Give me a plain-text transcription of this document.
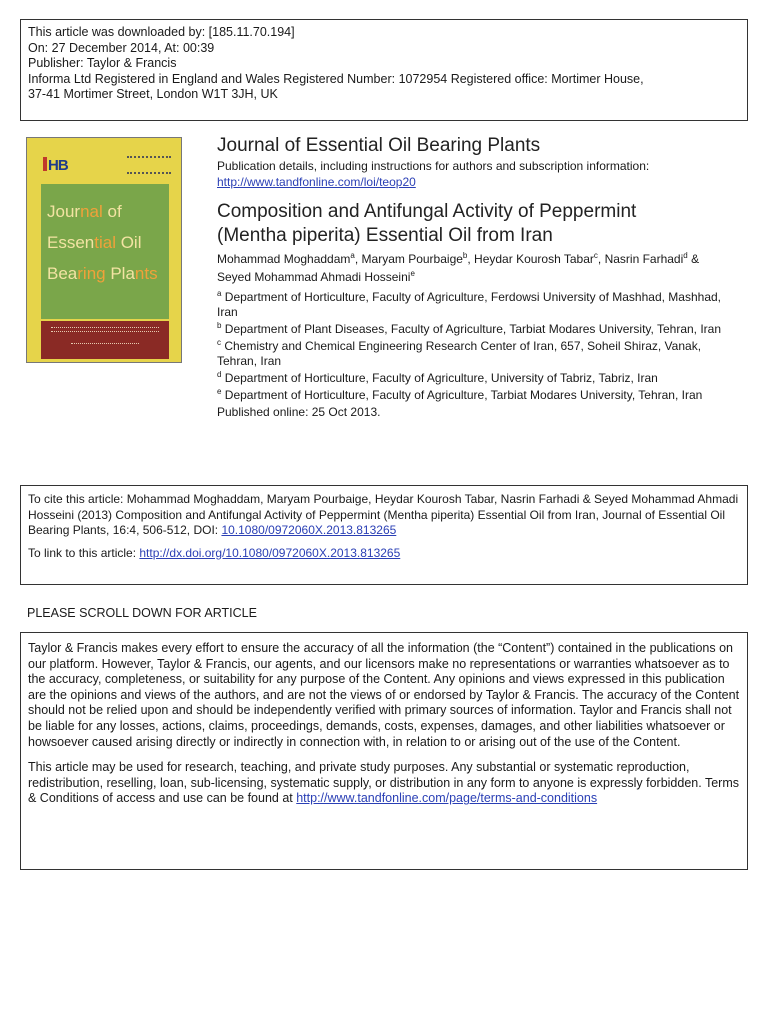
This article was downloaded by: [185.11.70.194]
On: 27 December 2014, At: 00:39
Publisher: Taylor & Francis
Informa Ltd Registered in England and Wales Registered Number: 1072954 Registered office: Mortimer House,
37-41 Mortimer Street, London W1T 3JH, UK
HB
Journal of
Essential Oil
Bearing Plants
Journal of Essential Oil Bearing Plants
Publication details, including instructions for authors and subscription information:
http://www.tandfonline.com/loi/teop20
Composition and Antifungal Activity of Peppermint
(Mentha piperita) Essential Oil from Iran
Mohammad Moghaddam$^a$, Maryam Pourbaige$^b$, Heydar Kourosh Tabar$^c$, Nasrin Farhadi$^d$ &
Seyed Mohammad Ahmadi Hosseini$^e$
$^a$ Department of Horticulture, Faculty of Agriculture, Ferdowsi University of Mashhad, Mashhad, Iran
$^b$ Department of Plant Diseases, Faculty of Agriculture, Tarbiat Modares University, Tehran, Iran
$^c$ Chemistry and Chemical Engineering Research Center of Iran, 657, Soheil Shiraz, Vanak, Tehran, Iran
$^d$ Department of Horticulture, Faculty of Agriculture, University of Tabriz, Tabriz, Iran
$^e$ Department of Horticulture, Faculty of Agriculture, Tarbiat Modares University, Tehran, Iran
Published online: 25 Oct 2013.
To cite this article: Mohammad Moghaddam, Maryam Pourbaige, Heydar Kourosh Tabar, Nasrin Farhadi & Seyed Mohammad Ahmadi Hosseini (2013) Composition and Antifungal Activity of Peppermint (Mentha piperita) Essential Oil from Iran, Journal of Essential Oil Bearing Plants, 16:4, 506-512, DOI: 10.1080/0972060X.2013.813265
To link to this article: http://dx.doi.org/10.1080/0972060X.2013.813265
PLEASE SCROLL DOWN FOR ARTICLE

Taylor & Francis makes every effort to ensure the accuracy of all the information (the “Content”) contained in the publications on our platform. However, Taylor & Francis, our agents, and our licensors make no representations or warranties whatsoever as to the accuracy, completeness, or suitability for any purpose of the Content. Any opinions and views expressed in this publication are the opinions and views of the authors, and are not the views of or endorsed by Taylor & Francis. The accuracy of the Content should not be relied upon and should be independently verified with primary sources of information. Taylor and Francis shall not be liable for any losses, actions, claims, proceedings, demands, costs, expenses, damages, and other liabilities whatsoever or howsoever caused arising directly or indirectly in connection with, in relation to or arising out of the use of the Content.

This article may be used for research, teaching, and private study purposes. Any substantial or systematic reproduction, redistribution, reselling, loan, sub-licensing, systematic supply, or distribution in any form to anyone is expressly forbidden. Terms & Conditions of access and use can be found at http://www.tandfonline.com/page/terms-and-conditions
